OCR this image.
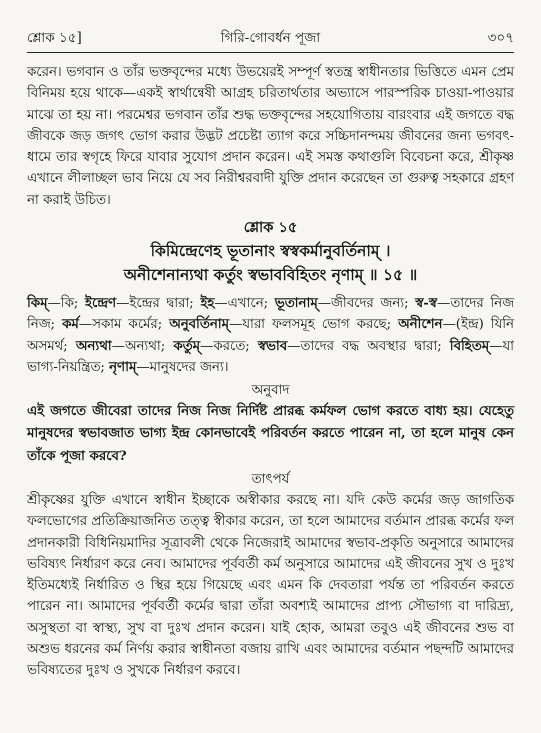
শ্লোক ১৫]	গিরি-গোবর্ধন পূজা	৩০৭

করেন। ভগবান ও তাঁর ভক্তবৃন্দের মধ্যে উভয়েরই সম্পূর্ণ স্বতন্ত্র স্বাধীনতার ভিত্তিতে এমন প্রেম বিনিময় হয়ে থাকে—একই স্বার্থান্বেষী আগ্রহ চরিতার্থতার অভ্যাসে পারস্পরিক চাওয়া-পাওয়ার মাঝে তা হয় না। পরমেশ্বর ভগবান তাঁর শুদ্ধ ভক্তবৃন্দের সহযোগিতায় বারংবার এই জগতে বদ্ধ জীবকে জড় জগৎ ভোগ করার উদ্ভট প্রচেষ্টা ত্যাগ করে সচ্চিদানন্দময় জীবনের জন্য ভগবৎ-ধামে তার স্বগৃহে ফিরে যাবার সুযোগ প্রদান করেন। এই সমস্ত কথাগুলি বিবেচনা করে, শ্রীকৃষ্ণ এখানে লীলাচ্ছল ভাব নিয়ে যে সব নিরীশ্বরবাদী যুক্তি প্রদান করেছেন তা গুরুত্ব সহকারে গ্রহণ না করাই উচিত।

শ্লোক ১৫
কিমিন্দ্রেণেহ ভূতানাং স্বস্বকর্মানুবর্তিনাম্ ।
অনীশেনান্যথা কর্তুং স্বভাববিহিতং নৃণাম্ ॥ ১৫ ॥

কিম্—কি; ইন্দ্রেণ—ইন্দ্রের দ্বারা; ইহ—এখানে; ভূতানাম্—জীবদের জন্য; স্ব-স্ব—তাদের নিজ নিজ; কর্ম—সকাম কর্মের; অনুবর্তিনাম্—যারা ফলসমূহ ভোগ করছে; অনীশেন—(ইন্দ্র) যিনি অসমর্থ; অন্যথা—অন্যথা; কর্তুম্—করতে; স্বভাব—তাদের বদ্ধ অবস্থার দ্বারা; বিহিতম্—যা ভাগ্য-নিয়ন্ত্রিত; নৃণাম্—মানুষদের জন্য।

অনুবাদ

এই জগতে জীবেরা তাদের নিজ নিজ নির্দিষ্ট প্রারব্ধ কর্মফল ভোগ করতে বাধ্য হয়। যেহেতু মানুষদের স্বভাবজাত ভাগ্য ইন্দ্র কোনভাবেই পরিবর্তন করতে পারেন না, তা হলে মানুষ কেন তাঁকে পূজা করবে?

তাৎপর্য

শ্রীকৃষ্ণের যুক্তি এখানে স্বাধীন ইচ্ছাকে অস্বীকার করছে না। যদি কেউ কর্মের জড় জাগতিক ফলভোগের প্রতিক্রিয়াজনিত তত্ত্ব স্বীকার করেন, তা হলে আমাদের বর্তমান প্রারব্ধ কর্মের ফল প্রদানকারী বিধিনিয়মাদির সূত্রাবলী থেকে নিজেরাই আমাদের স্বভাব-প্রকৃতি অনুসারে আমাদের ভবিষ্যৎ নির্ধারণ করে নেব। আমাদের পূর্ববর্তী কর্ম অনুসারে আমাদের এই জীবনের সুখ ও দুঃখ ইতিমধ্যেই নির্ধারিত ও স্থির হয়ে গিয়েছে এবং এমন কি দেবতারা পর্যন্ত তা পরিবর্তন করতে পারেন না। আমাদের পূর্ববর্তী কর্মের দ্বারা তাঁরা অবশ্যই আমাদের প্রাপ্য সৌভাগ্য বা দারিদ্র্য, অসুস্থতা বা স্বাস্থ্য, সুখ বা দুঃখ প্রদান করেন। যাই হোক, আমরা তবুও এই জীবনের শুভ বা অশুভ ধরনের কর্ম নির্ণয় করার স্বাধীনতা বজায় রাখি এবং আমাদের বর্তমান পছন্দটি আমাদের ভবিষ্যতের দুঃখ ও সুখকে নির্ধারণ করবে।
